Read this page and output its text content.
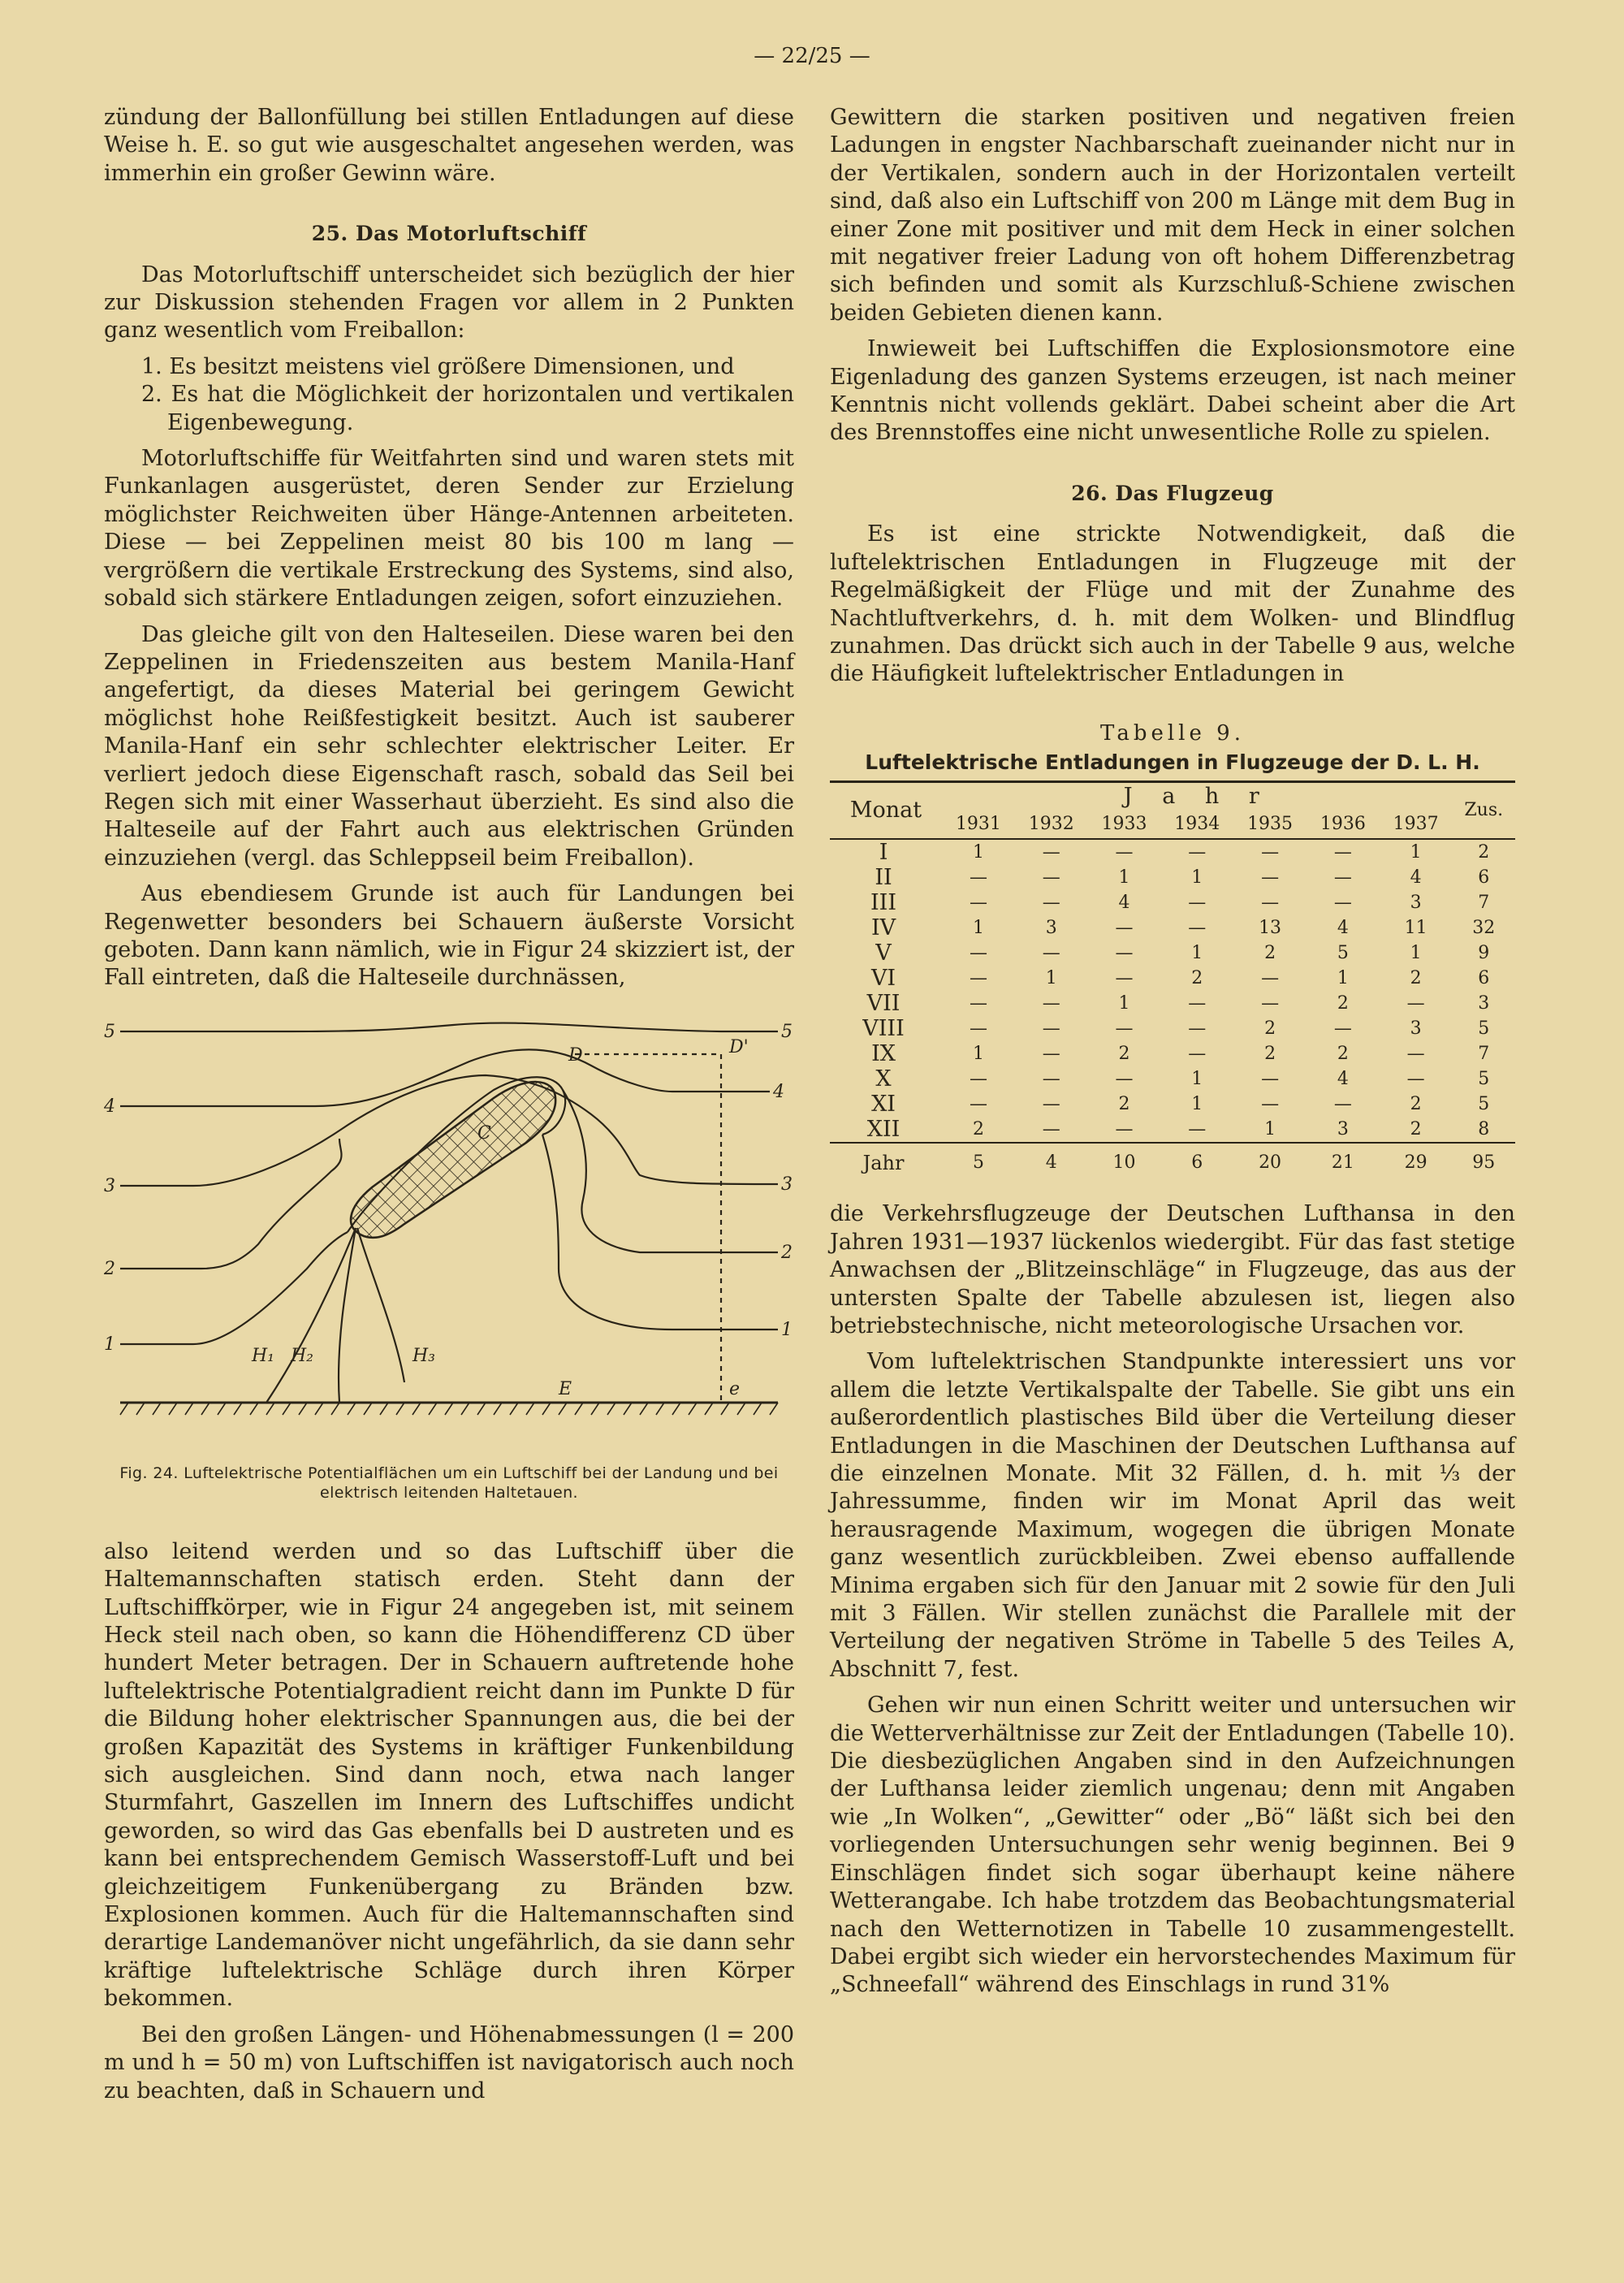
— 22/25 —

zündung der Ballonfüllung bei stillen Entladungen auf diese Weise h. E. so gut wie ausgeschaltet angesehen werden, was immerhin ein großer Gewinn wäre.

25. Das Motorluftschiff

Das Motorluftschiff unterscheidet sich bezüglich der hier zur Diskussion stehenden Fragen vor allem in 2 Punkten ganz wesentlich vom Freiballon:

1. Es besitzt meistens viel größere Dimensionen, und
2. Es hat die Möglichkeit der horizontalen und vertikalen Eigenbewegung.

Motorluftschiffe für Weitfahrten sind und waren stets mit Funkanlagen ausgerüstet, deren Sender zur Erzielung möglichster Reichweiten über Hänge-Antennen arbeiteten. Diese — bei Zeppelinen meist 80 bis 100 m lang — vergrößern die vertikale Erstreckung des Systems, sind also, sobald sich stärkere Entladungen zeigen, sofort einzuziehen.

Das gleiche gilt von den Halteseilen. Diese waren bei den Zeppelinen in Friedenszeiten aus bestem Manila-Hanf angefertigt, da dieses Material bei geringem Gewicht möglichst hohe Reißfestigkeit besitzt. Auch ist sauberer Manila-Hanf ein sehr schlechter elektrischer Leiter. Er verliert jedoch diese Eigenschaft rasch, sobald das Seil bei Regen sich mit einer Wasserhaut überzieht. Es sind also die Halteseile auf der Fahrt auch aus elektrischen Gründen einzuziehen (vergl. das Schleppseil beim Freiballon).

Aus ebendiesem Grunde ist auch für Landungen bei Regenwetter besonders bei Schauern äußerste Vorsicht geboten. Dann kann nämlich, wie in Figur 24 skizziert ist, der Fall eintreten, daß die Halteseile durchnässen,

5
4
3
2
1
5
4
3
2
1
D	D'
C
E	e
H₁ H₂	H₃
Fig. 24. Luftelektrische Potentialflächen um ein Luftschiff bei der Landung und bei elektrisch leitenden Haltetauen.

also leitend werden und so das Luftschiff über die Haltemannschaften statisch erden. Steht dann der Luftschiffkörper, wie in Figur 24 angegeben ist, mit seinem Heck steil nach oben, so kann die Höhendifferenz CD über hundert Meter betragen. Der in Schauern auftretende hohe luftelektrische Potentialgradient reicht dann im Punkte D für die Bildung hoher elektrischer Spannungen aus, die bei der großen Kapazität des Systems in kräftiger Funkenbildung sich ausgleichen. Sind dann noch, etwa nach langer Sturmfahrt, Gaszellen im Innern des Luftschiffes undicht geworden, so wird das Gas ebenfalls bei D austreten und es kann bei entsprechendem Gemisch Wasserstoff-Luft und bei gleichzeitigem Funkenübergang zu Bränden bzw. Explosionen kommen. Auch für die Haltemannschaften sind derartige Landemanöver nicht ungefährlich, da sie dann sehr kräftige luftelektrische Schläge durch ihren Körper bekommen.

Bei den großen Längen- und Höhenabmessungen (l = 200 m und h = 50 m) von Luftschiffen ist navigatorisch auch noch zu beachten, daß in Schauern und

Gewittern die starken positiven und negativen freien Ladungen in engster Nachbarschaft zueinander nicht nur in der Vertikalen, sondern auch in der Horizontalen verteilt sind, daß also ein Luftschiff von 200 m Länge mit dem Bug in einer Zone mit positiver und mit dem Heck in einer solchen mit negativer freier Ladung von oft hohem Differenzbetrag sich befinden und somit als Kurzschluß-Schiene zwischen beiden Gebieten dienen kann.

Inwieweit bei Luftschiffen die Explosionsmotore eine Eigenladung des ganzen Systems erzeugen, ist nach meiner Kenntnis nicht vollends geklärt. Dabei scheint aber die Art des Brennstoffes eine nicht unwesentliche Rolle zu spielen.

26. Das Flugzeug

Es ist eine strickte Notwendigkeit, daß die luftelektrischen Entladungen in Flugzeuge mit der Regelmäßigkeit der Flüge und mit der Zunahme des Nachtluftverkehrs, d. h. mit dem Wolken- und Blindflug zunahmen. Das drückt sich auch in der Tabelle 9 aus, welche die Häufigkeit luftelektrischer Entladungen in

Tabelle 9.
Luftelektrische Entladungen in Flugzeuge der D. L. H.
Monat	J a h r							Zus.
	1931	1932	1933	1934	1935	1936	1937	
I	1	—	—	—	—	—	1	2
II	—	—	1	1	—	—	4	6
III	—	—	4	—	—	—	3	7
IV	1	3	—	—	13	4	11	32
V	—	—	—	1	2	5	1	9
VI	—	1	—	2	—	1	2	6
VII	—	—	1	—	—	2	—	3
VIII	—	—	—	—	2	—	3	5
IX	1	—	2	—	2	2	—	7
X	—	—	—	1	—	4	—	5
XI	—	—	2	1	—	—	2	5
XII	2	—	—	—	1	3	2	8
Jahr	5	4	10	6	20	21	29	95

die Verkehrsflugzeuge der Deutschen Lufthansa in den Jahren 1931—1937 lückenlos wiedergibt. Für das fast stetige Anwachsen der „Blitzeinschläge“ in Flugzeuge, das aus der untersten Spalte der Tabelle abzulesen ist, liegen also betriebstechnische, nicht meteorologische Ursachen vor.

Vom luftelektrischen Standpunkte interessiert uns vor allem die letzte Vertikalspalte der Tabelle. Sie gibt uns ein außerordentlich plastisches Bild über die Verteilung dieser Entladungen in die Maschinen der Deutschen Lufthansa auf die einzelnen Monate. Mit 32 Fällen, d. h. mit ⅓ der Jahressumme, finden wir im Monat April das weit herausragende Maximum, wogegen die übrigen Monate ganz wesentlich zurückbleiben. Zwei ebenso auffallende Minima ergaben sich für den Januar mit 2 sowie für den Juli mit 3 Fällen. Wir stellen zunächst die Parallele mit der Verteilung der negativen Ströme in Tabelle 5 des Teiles A, Abschnitt 7, fest.

Gehen wir nun einen Schritt weiter und untersuchen wir die Wetterverhältnisse zur Zeit der Entladungen (Tabelle 10). Die diesbezüglichen Angaben sind in den Aufzeichnungen der Lufthansa leider ziemlich ungenau; denn mit Angaben wie „In Wolken“, „Gewitter“ oder „Bö“ läßt sich bei den vorliegenden Untersuchungen sehr wenig beginnen. Bei 9 Einschlägen findet sich sogar überhaupt keine nähere Wetterangabe. Ich habe trotzdem das Beobachtungsmaterial nach den Wetternotizen in Tabelle 10 zusammengestellt. Dabei ergibt sich wieder ein hervorstechendes Maximum für „Schneefall“ während des Einschlags in rund 31%
